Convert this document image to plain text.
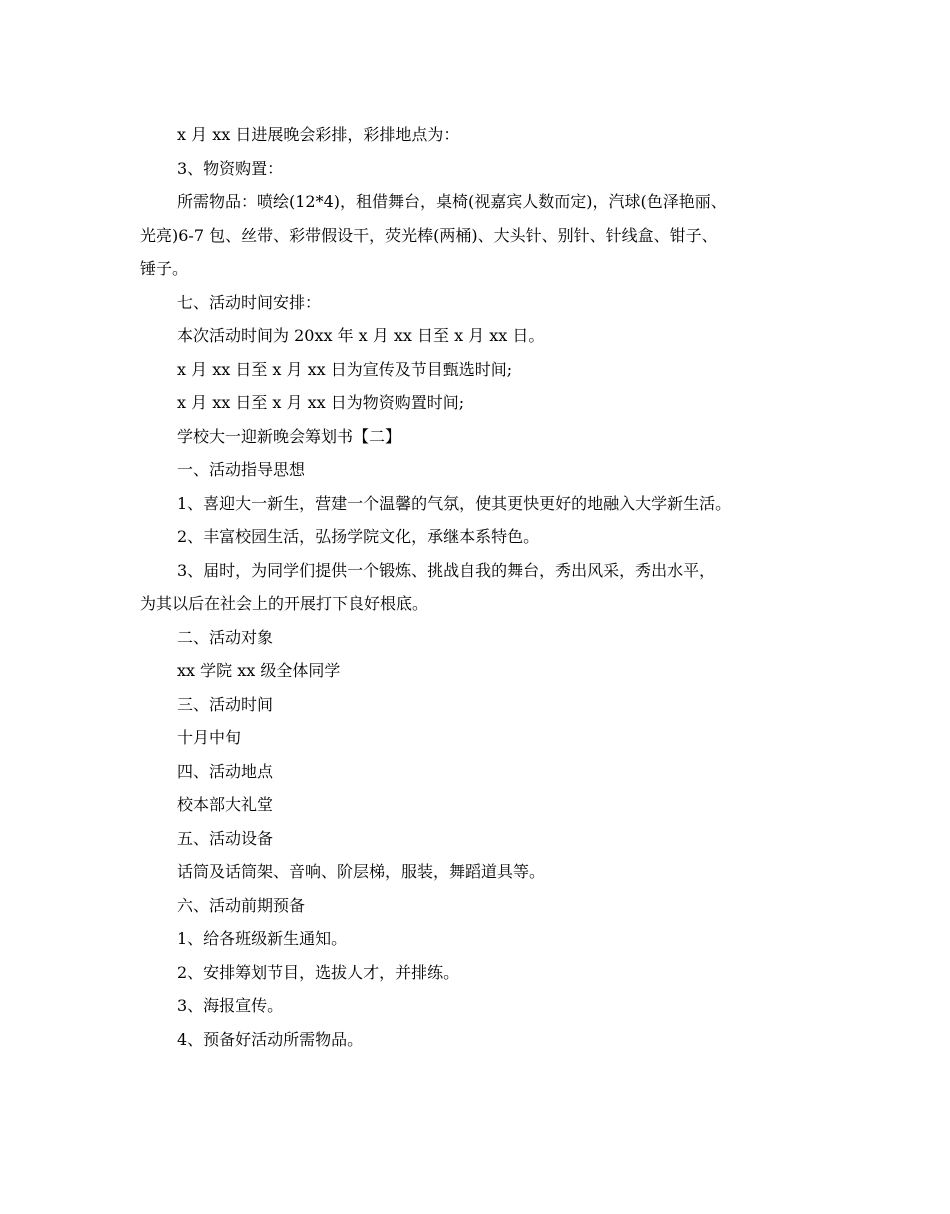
x 月 xx 日进展晚会彩排，彩排地点为：
3、物资购置：
所需物品：喷绘(12*4)，租借舞台，桌椅(视嘉宾人数而定)，汽球(色泽艳丽、
光亮)6-7 包、丝带、彩带假设干，荧光棒(两桶)、大头针、别针、针线盒、钳子、
锤子。
七、活动时间安排：
本次活动时间为 20xx 年 x 月 xx 日至 x 月 xx 日。
x 月 xx 日至 x 月 xx 日为宣传及节目甄选时间;
x 月 xx 日至 x 月 xx 日为物资购置时间;
学校大一迎新晚会筹划书【二】
一、活动指导思想
1、喜迎大一新生，营建一个温馨的气氛，使其更快更好的地融入大学新生活。
2、丰富校园生活，弘扬学院文化，承继本系特色。
3、届时，为同学们提供一个锻炼、挑战自我的舞台，秀出风采，秀出水平，
为其以后在社会上的开展打下良好根底。
二、活动对象
xx 学院 xx 级全体同学
三、活动时间
十月中旬
四、活动地点
校本部大礼堂
五、活动设备
话筒及话筒架、音响、阶层梯，服装，舞蹈道具等。
六、活动前期预备
1、给各班级新生通知。
2、安排筹划节目，选拔人才，并排练。
3、海报宣传。
4、预备好活动所需物品。
